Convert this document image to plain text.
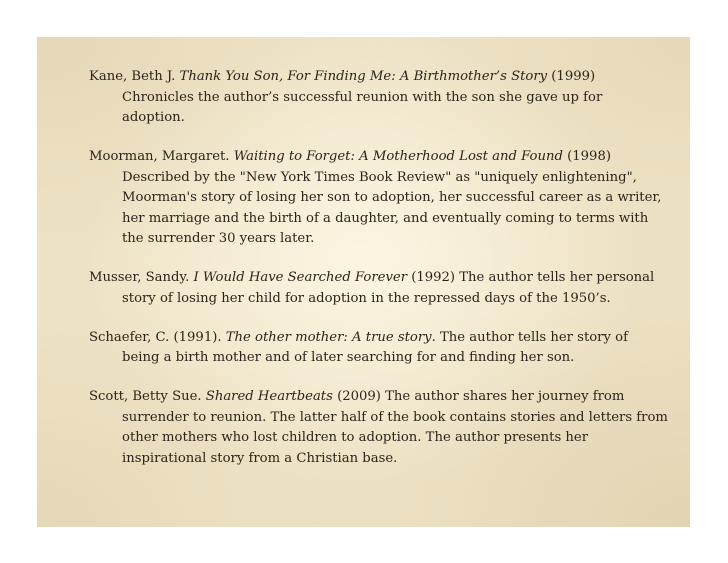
Kane, Beth J. Thank You Son, For Finding Me: A Birthmother’s Story (1999) Chronicles the author’s successful reunion with the son she gave up for adoption.

Moorman, Margaret. Waiting to Forget: A Motherhood Lost and Found (1998) Described by the "New York Times Book Review" as "uniquely enlightening", Moorman's story of losing her son to adoption, her successful career as a writer, her marriage and the birth of a daughter, and eventually coming to terms with the surrender 30 years later.

Musser, Sandy. I Would Have Searched Forever (1992) The author tells her personal story of losing her child for adoption in the repressed days of the 1950’s.

Schaefer, C. (1991). The other mother: A true story. The author tells her story of being a birth mother and of later searching for and finding her son.

Scott, Betty Sue. Shared Heartbeats (2009) The author shares her journey from surrender to reunion. The latter half of the book contains stories and letters from other mothers who lost children to adoption. The author presents her inspirational story from a Christian base.
